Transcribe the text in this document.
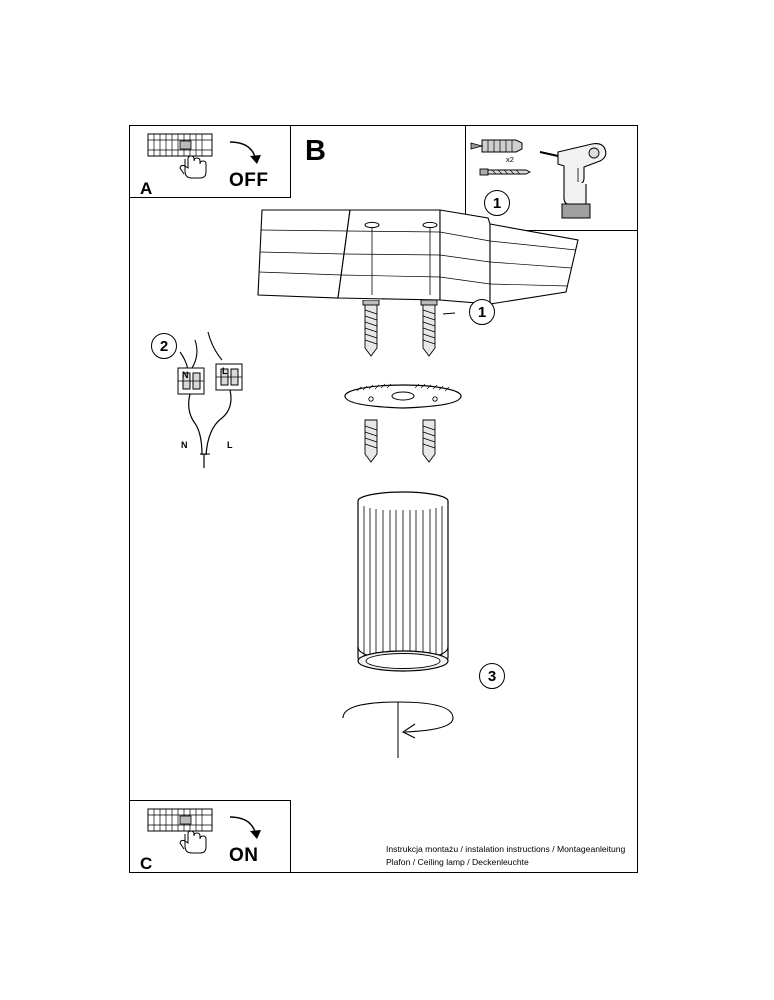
A	OFF
B	x2
1
1
2
N	L
N	L
3
C	ON	Instrukcja montażu / instalation instructions / Montageanleitung
Plafon / Ceiling lamp / Deckenleuchte
